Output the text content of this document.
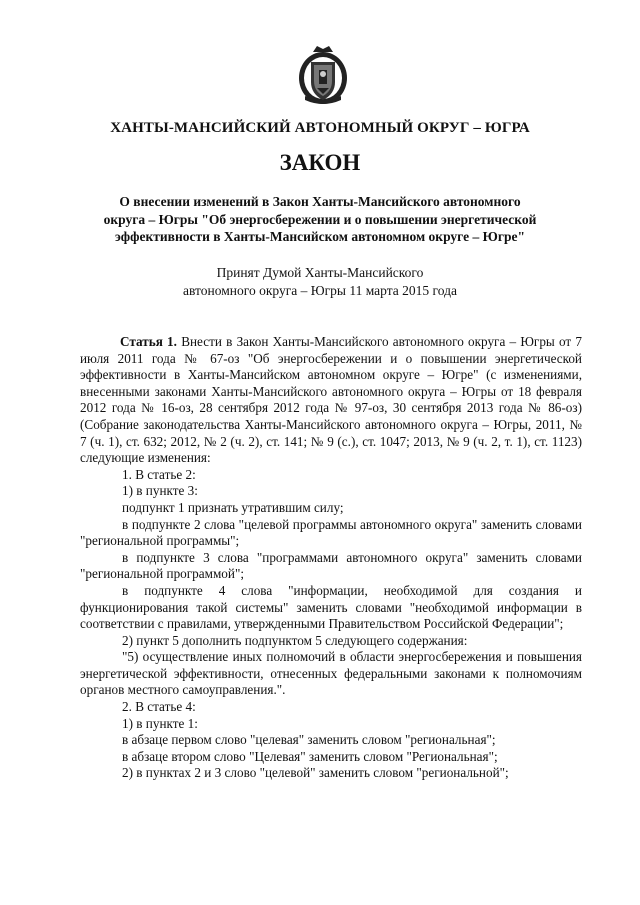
ХАНТЫ-МАНСИЙСКИЙ АВТОНОМНЫЙ ОКРУГ – ЮГРА
ЗАКОН
О внесении изменений в Закон Ханты-Мансийского автономного
округа – Югры "Об энергосбережении и о повышении энергетической
эффективности в Ханты-Мансийском автономном округе – Югре"
Принят Думой Ханты-Мансийского
автономного округа – Югры 11 марта 2015 года

Статья 1. Внести в Закон Ханты-Мансийского автономного округа – Югры от 7 июля 2011 года № 67-оз "Об энергосбережении и о повышении энергетической эффективности в Ханты-Мансийском автономном округе – Югре" (с изменениями, внесенными законами Ханты-Мансийского автономного округа – Югры от 18 февраля 2012 года № 16-оз, 28 сентября 2012 года № 97-оз, 30 сентября 2013 года № 86-оз) (Собрание законодательства Ханты-Мансийского автономного округа – Югры, 2011, № 7 (ч. 1), ст. 632; 2012, № 2 (ч. 2), ст. 141; № 9 (с.), ст. 1047; 2013, № 9 (ч. 2, т. 1), ст. 1123) следующие изменения:

1. В статье 2:

1) в пункте 3:

подпункт 1 признать утратившим силу;

в подпункте 2 слова "целевой программы автономного округа" заменить словами "региональной программы";

в подпункте 3 слова "программами автономного округа" заменить словами "региональной программой";

в подпункте 4 слова "информации, необходимой для создания и функционирования такой системы" заменить словами "необходимой информации в соответствии с правилами, утвержденными Правительством Российской Федерации";

2) пункт 5 дополнить подпунктом 5 следующего содержания:

"5) осуществление иных полномочий в области энергосбережения и повышения энергетической эффективности, отнесенных федеральными законами к полномочиям органов местного самоуправления.".

2. В статье 4:

1) в пункте 1:

в абзаце первом слово "целевая" заменить словом "региональная";

в абзаце втором слово "Целевая" заменить словом "Региональная";

2) в пунктах 2 и 3 слово "целевой" заменить словом "региональной";
